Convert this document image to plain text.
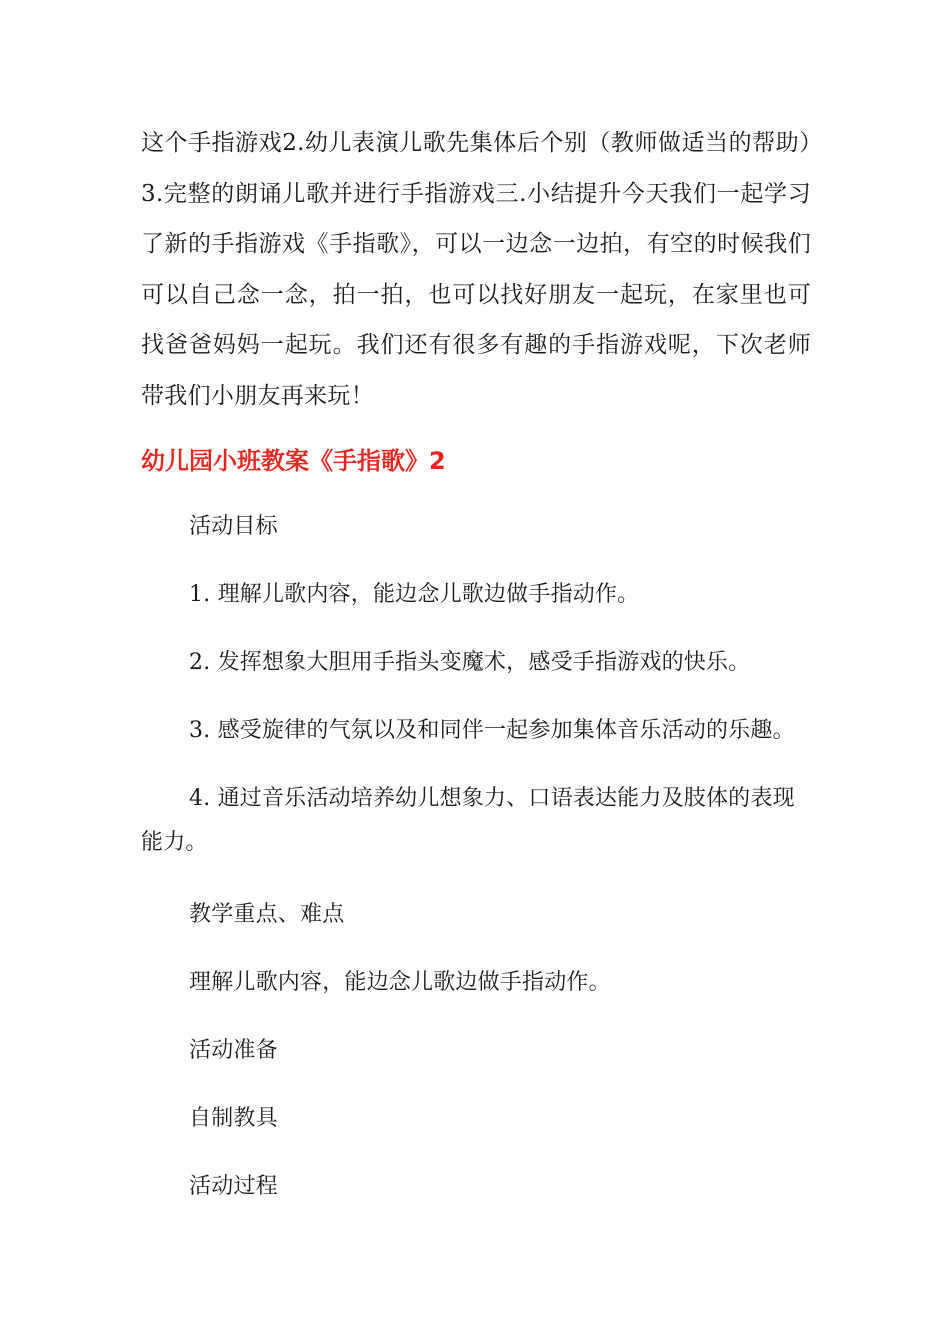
这个手指游戏2.幼儿表演儿歌先集体后个别（教师做适当的帮助）3.完整的朗诵儿歌并进行手指游戏三.小结提升今天我们一起学习了新的手指游戏《手指歌》，可以一边念一边拍，有空的时候我们可以自己念一念，拍一拍，也可以找好朋友一起玩，在家里也可找爸爸妈妈一起玩。我们还有很多有趣的手指游戏呢，下次老师带我们小朋友再来玩！

幼儿园小班教案《手指歌》2

活动目标

1. 理解儿歌内容，能边念儿歌边做手指动作。

2. 发挥想象大胆用手指头变魔术，感受手指游戏的快乐。

3. 感受旋律的气氛以及和同伴一起参加集体音乐活动的乐趣。

4. 通过音乐活动培养幼儿想象力、口语表达能力及肢体的表现能力。

教学重点、难点

理解儿歌内容，能边念儿歌边做手指动作。

活动准备

自制教具

活动过程
